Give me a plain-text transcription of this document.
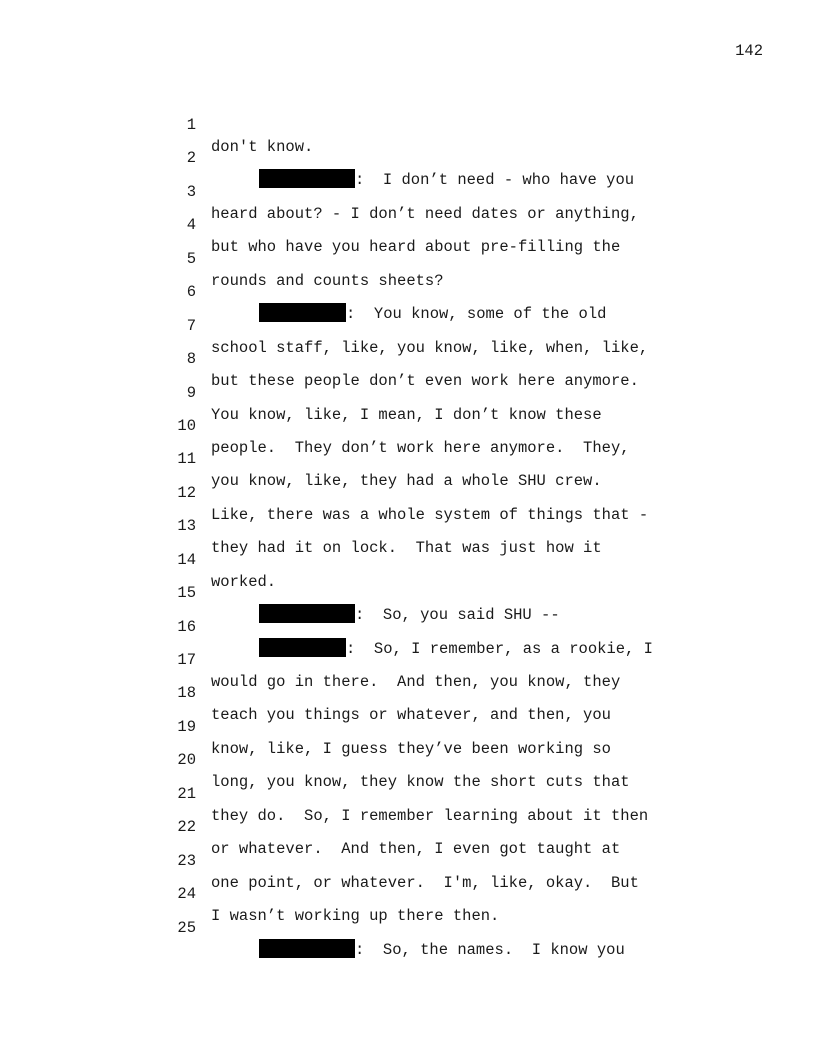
142

1

don't know.

2

:  I don’t need - who have you

3

heard about? - I don’t need dates or anything,

4

but who have you heard about pre-filling the

5

rounds and counts sheets?

6

:  You know, some of the old

7

school staff, like, you know, like, when, like,

8

but these people don’t even work here anymore.

9

You know, like, I mean, I don’t know these

10

people.  They don’t work here anymore.  They,

11

you know, like, they had a whole SHU crew.

12

Like, there was a whole system of things that -

13

they had it on lock.  That was just how it

14

worked.

15

:  So, you said SHU --

16

:  So, I remember, as a rookie, I

17

would go in there.  And then, you know, they

18

teach you things or whatever, and then, you

19

know, like, I guess they’ve been working so

20

long, you know, they know the short cuts that

21

they do.  So, I remember learning about it then

22

or whatever.  And then, I even got taught at

23

one point, or whatever.  I'm, like, okay.  But

24

I wasn’t working up there then.

25

:  So, the names.  I know you
